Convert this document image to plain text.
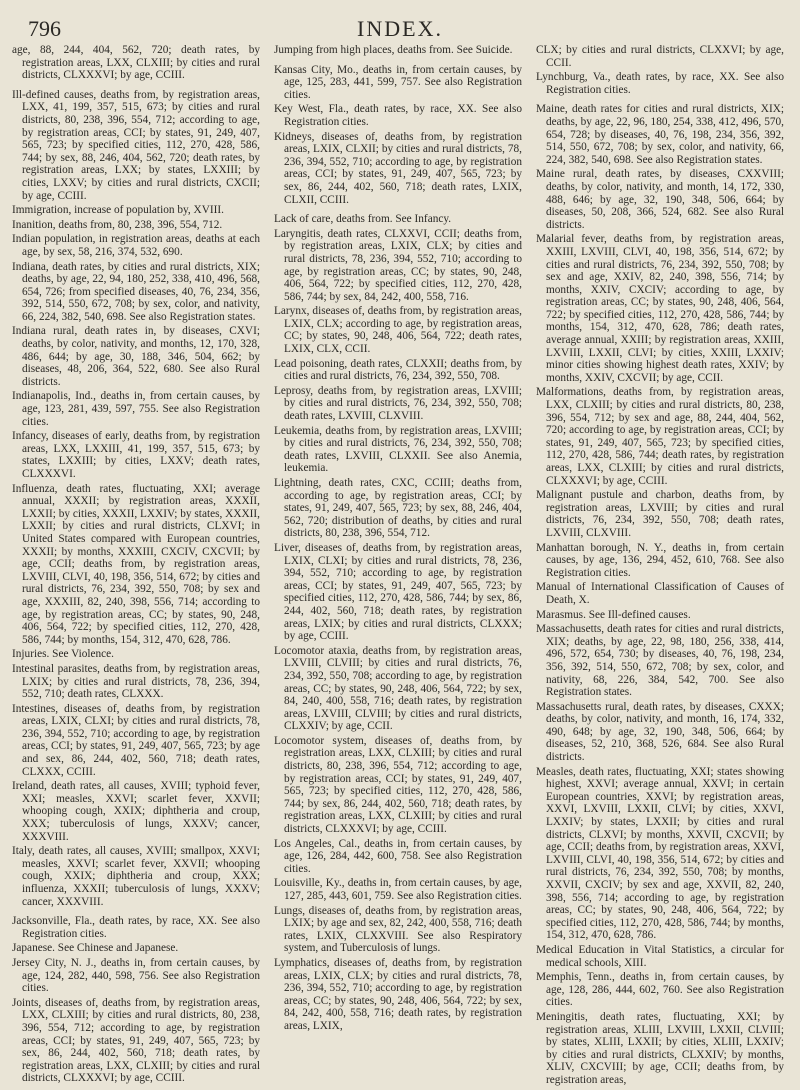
796	INDEX.

age, 88, 244, 404, 562, 720; death rates, by registration areas, LXX, CLXIII; by cities and rural districts, CLXXXVI; by age, CCIII.

Ill-defined causes, deaths from, by registration areas, LXX, 41, 199, 357, 515, 673; by cities and rural districts, 80, 238, 396, 554, 712; according to age, by registration areas, CCI; by states, 91, 249, 407, 565, 723; by specified cities, 112, 270, 428, 586, 744; by sex, 88, 246, 404, 562, 720; death rates, by registration areas, LXX; by states, LXXIII; by cities, LXXV; by cities and rural districts, CXCII; by age, CCIII.

Immigration, increase of population by, XVIII.

Inanition, deaths from, 80, 238, 396, 554, 712.

Indian population, in registration areas, deaths at each age, by sex, 58, 216, 374, 532, 690.

Indiana, death rates, by cities and rural districts, XIX; deaths, by age, 22, 94, 180, 252, 338, 410, 496, 568, 654, 726; from specified diseases, 40, 76, 234, 356, 392, 514, 550, 672, 708; by sex, color, and nativity, 66, 224, 382, 540, 698. See also Registration states.

Indiana rural, death rates in, by diseases, CXVI; deaths, by color, nativity, and months, 12, 170, 328, 486, 644; by age, 30, 188, 346, 504, 662; by diseases, 48, 206, 364, 522, 680. See also Rural districts.

Indianapolis, Ind., deaths in, from certain causes, by age, 123, 281, 439, 597, 755. See also Registration cities.

Infancy, diseases of early, deaths from, by registration areas, LXX, LXXIII, 41, 199, 357, 515, 673; by states, LXXIII; by cities, LXXV; death rates, CLXXXVI.

Influenza, death rates, fluctuating, XXI; average annual, XXXII; by registration areas, XXXII, LXXII; by cities, XXXII, LXXIV; by states, XXXII, LXXII; by cities and rural districts, CLXVI; in United States compared with European countries, XXXII; by months, XXXIII, CXCIV, CXCVII; by age, CCII; deaths from, by registration areas, LXVIII, CLVI, 40, 198, 356, 514, 672; by cities and rural districts, 76, 234, 392, 550, 708; by sex and age, XXXIII, 82, 240, 398, 556, 714; according to age, by registration areas, CC; by states, 90, 248, 406, 564, 722; by specified cities, 112, 270, 428, 586, 744; by months, 154, 312, 470, 628, 786.

Injuries. See Violence.

Intestinal parasites, deaths from, by registration areas, LXIX; by cities and rural districts, 78, 236, 394, 552, 710; death rates, CLXXX.

Intestines, diseases of, deaths from, by registration areas, LXIX, CLXI; by cities and rural districts, 78, 236, 394, 552, 710; according to age, by registration areas, CCI; by states, 91, 249, 407, 565, 723; by age and sex, 86, 244, 402, 560, 718; death rates, CLXXX, CCIII.

Ireland, death rates, all causes, XVIII; typhoid fever, XXI; measles, XXVI; scarlet fever, XXVII; whooping cough, XXIX; diphtheria and croup, XXX; tuberculosis of lungs, XXXV; cancer, XXXVIII.

Italy, death rates, all causes, XVIII; smallpox, XXVI; measles, XXVI; scarlet fever, XXVII; whooping cough, XXIX; diphtheria and croup, XXX; influenza, XXXII; tuberculosis of lungs, XXXV; cancer, XXXVIII.

Jacksonville, Fla., death rates, by race, XX. See also Registration cities.

Japanese. See Chinese and Japanese.

Jersey City, N. J., deaths in, from certain causes, by age, 124, 282, 440, 598, 756. See also Registration cities.

Joints, diseases of, deaths from, by registration areas, LXX, CLXIII; by cities and rural districts, 80, 238, 396, 554, 712; according to age, by registration areas, CCI; by states, 91, 249, 407, 565, 723; by sex, 86, 244, 402, 560, 718; death rates, by registration areas, LXX, CLXIII; by cities and rural districts, CLXXXVI; by age, CCIII.

Jumping from high places, deaths from. See Suicide.

Kansas City, Mo., deaths in, from certain causes, by age, 125, 283, 441, 599, 757. See also Registration cities.

Key West, Fla., death rates, by race, XX. See also Registration cities.

Kidneys, diseases of, deaths from, by registration areas, LXIX, CLXII; by cities and rural districts, 78, 236, 394, 552, 710; according to age, by registration areas, CCI; by states, 91, 249, 407, 565, 723; by sex, 86, 244, 402, 560, 718; death rates, LXIX, CLXII, CCIII.

Lack of care, deaths from. See Infancy.

Laryngitis, death rates, CLXXVI, CCII; deaths from, by registration areas, LXIX, CLX; by cities and rural districts, 78, 236, 394, 552, 710; according to age, by registration areas, CC; by states, 90, 248, 406, 564, 722; by specified cities, 112, 270, 428, 586, 744; by sex, 84, 242, 400, 558, 716.

Larynx, diseases of, deaths from, by registration areas, LXIX, CLX; according to age, by registration areas, CC; by states, 90, 248, 406, 564, 722; death rates, LXIX, CLX, CCII.

Lead poisoning, death rates, CLXXII; deaths from, by cities and rural districts, 76, 234, 392, 550, 708.

Leprosy, deaths from, by registration areas, LXVIII; by cities and rural districts, 76, 234, 392, 550, 708; death rates, LXVIII, CLXVIII.

Leukemia, deaths from, by registration areas, LXVIII; by cities and rural districts, 76, 234, 392, 550, 708; death rates, LXVIII, CLXXII. See also Anemia, leukemia.

Lightning, death rates, CXC, CCIII; deaths from, according to age, by registration areas, CCI; by states, 91, 249, 407, 565, 723; by sex, 88, 246, 404, 562, 720; distribution of deaths, by cities and rural districts, 80, 238, 396, 554, 712.

Liver, diseases of, deaths from, by registration areas, LXIX, CLXI; by cities and rural districts, 78, 236, 394, 552, 710; according to age, by registration areas, CCI; by states, 91, 249, 407, 565, 723; by specified cities, 112, 270, 428, 586, 744; by sex, 86, 244, 402, 560, 718; death rates, by registration areas, LXIX; by cities and rural districts, CLXXX; by age, CCIII.

Locomotor ataxia, deaths from, by registration areas, LXVIII, CLVIII; by cities and rural districts, 76, 234, 392, 550, 708; according to age, by registration areas, CC; by states, 90, 248, 406, 564, 722; by sex, 84, 240, 400, 558, 716; death rates, by registration areas, LXVIII, CLVIII; by cities and rural districts, CLXXIV; by age, CCII.

Locomotor system, diseases of, deaths from, by registration areas, LXX, CLXIII; by cities and rural districts, 80, 238, 396, 554, 712; according to age, by registration areas, CCI; by states, 91, 249, 407, 565, 723; by specified cities, 112, 270, 428, 586, 744; by sex, 86, 244, 402, 560, 718; death rates, by registration areas, LXX, CLXIII; by cities and rural districts, CLXXXVI; by age, CCIII.

Los Angeles, Cal., deaths in, from certain causes, by age, 126, 284, 442, 600, 758. See also Registration cities.

Louisville, Ky., deaths in, from certain causes, by age, 127, 285, 443, 601, 759. See also Registration cities.

Lungs, diseases of, deaths from, by registration areas, LXIX; by age and sex, 82, 242, 400, 558, 716; death rates, LXIX, CLXXVIII. See also Respiratory system, and Tuberculosis of lungs.

Lymphatics, diseases of, deaths from, by registration areas, LXIX, CLX; by cities and rural districts, 78, 236, 394, 552, 710; according to age, by registration areas, CC; by states, 90, 248, 406, 564, 722; by sex, 84, 242, 400, 558, 716; death rates, by registration areas, LXIX,

CLX; by cities and rural districts, CLXXVI; by age, CCII.

Lynchburg, Va., death rates, by race, XX. See also Registration cities.

Maine, death rates for cities and rural districts, XIX; deaths, by age, 22, 96, 180, 254, 338, 412, 496, 570, 654, 728; by diseases, 40, 76, 198, 234, 356, 392, 514, 550, 672, 708; by sex, color, and nativity, 66, 224, 382, 540, 698. See also Registration states.

Maine rural, death rates, by diseases, CXXVIII; deaths, by color, nativity, and month, 14, 172, 330, 488, 646; by age, 32, 190, 348, 506, 664; by diseases, 50, 208, 366, 524, 682. See also Rural districts.

Malarial fever, deaths from, by registration areas, XXIII, LXVIII, CLVI, 40, 198, 356, 514, 672; by cities and rural districts, 76, 234, 392, 550, 708; by sex and age, XXIV, 82, 240, 398, 556, 714; by months, XXIV, CXCIV; according to age, by registration areas, CC; by states, 90, 248, 406, 564, 722; by specified cities, 112, 270, 428, 586, 744; by months, 154, 312, 470, 628, 786; death rates, average annual, XXIII; by registration areas, XXIII, LXVIII, LXXII, CLVI; by cities, XXIII, LXXIV; minor cities showing highest death rates, XXIV; by months, XXIV, CXCVII; by age, CCII.

Malformations, deaths from, by registration areas, LXX, CLXIII; by cities and rural districts, 80, 238, 396, 554, 712; by sex and age, 88, 244, 404, 562, 720; according to age, by registration areas, CCI; by states, 91, 249, 407, 565, 723; by specified cities, 112, 270, 428, 586, 744; death rates, by registration areas, LXX, CLXIII; by cities and rural districts, CLXXXVI; by age, CCIII.

Malignant pustule and charbon, deaths from, by registration areas, LXVIII; by cities and rural districts, 76, 234, 392, 550, 708; death rates, LXVIII, CLXVIII.

Manhattan borough, N. Y., deaths in, from certain causes, by age, 136, 294, 452, 610, 768. See also Registration cities.

Manual of International Classification of Causes of Death, X.

Marasmus. See Ill-defined causes.

Massachusetts, death rates for cities and rural districts, XIX; deaths, by age, 22, 98, 180, 256, 338, 414, 496, 572, 654, 730; by diseases, 40, 76, 198, 234, 356, 392, 514, 550, 672, 708; by sex, color, and nativity, 68, 226, 384, 542, 700. See also Registration states.

Massachusetts rural, death rates, by diseases, CXXX; deaths, by color, nativity, and month, 16, 174, 332, 490, 648; by age, 32, 190, 348, 506, 664; by diseases, 52, 210, 368, 526, 684. See also Rural districts.

Measles, death rates, fluctuating, XXI; states showing highest, XXVI; average annual, XXVI; in certain European countries, XXVI; by registration areas, XXVI, LXVIII, LXXII, CLVI; by cities, XXVI, LXXIV; by states, LXXII; by cities and rural districts, CLXVI; by months, XXVII, CXCVII; by age, CCII; deaths from, by registration areas, XXVI, LXVIII, CLVI, 40, 198, 356, 514, 672; by cities and rural districts, 76, 234, 392, 550, 708; by months, XXVII, CXCIV; by sex and age, XXVII, 82, 240, 398, 556, 714; according to age, by registration areas, CC; by states, 90, 248, 406, 564, 722; by specified cities, 112, 270, 428, 586, 744; by months, 154, 312, 470, 628, 786.

Medical Education in Vital Statistics, a circular for medical schools, XIII.

Memphis, Tenn., deaths in, from certain causes, by age, 128, 286, 444, 602, 760. See also Registration cities.

Meningitis, death rates, fluctuating, XXI; by registration areas, XLIII, LXVIII, LXXII, CLVIII; by states, XLIII, LXXII; by cities, XLIII, LXXIV; by cities and rural districts, CLXXIV; by months, XLIV, CXCVIII; by age, CCII; deaths from, by registration areas,
